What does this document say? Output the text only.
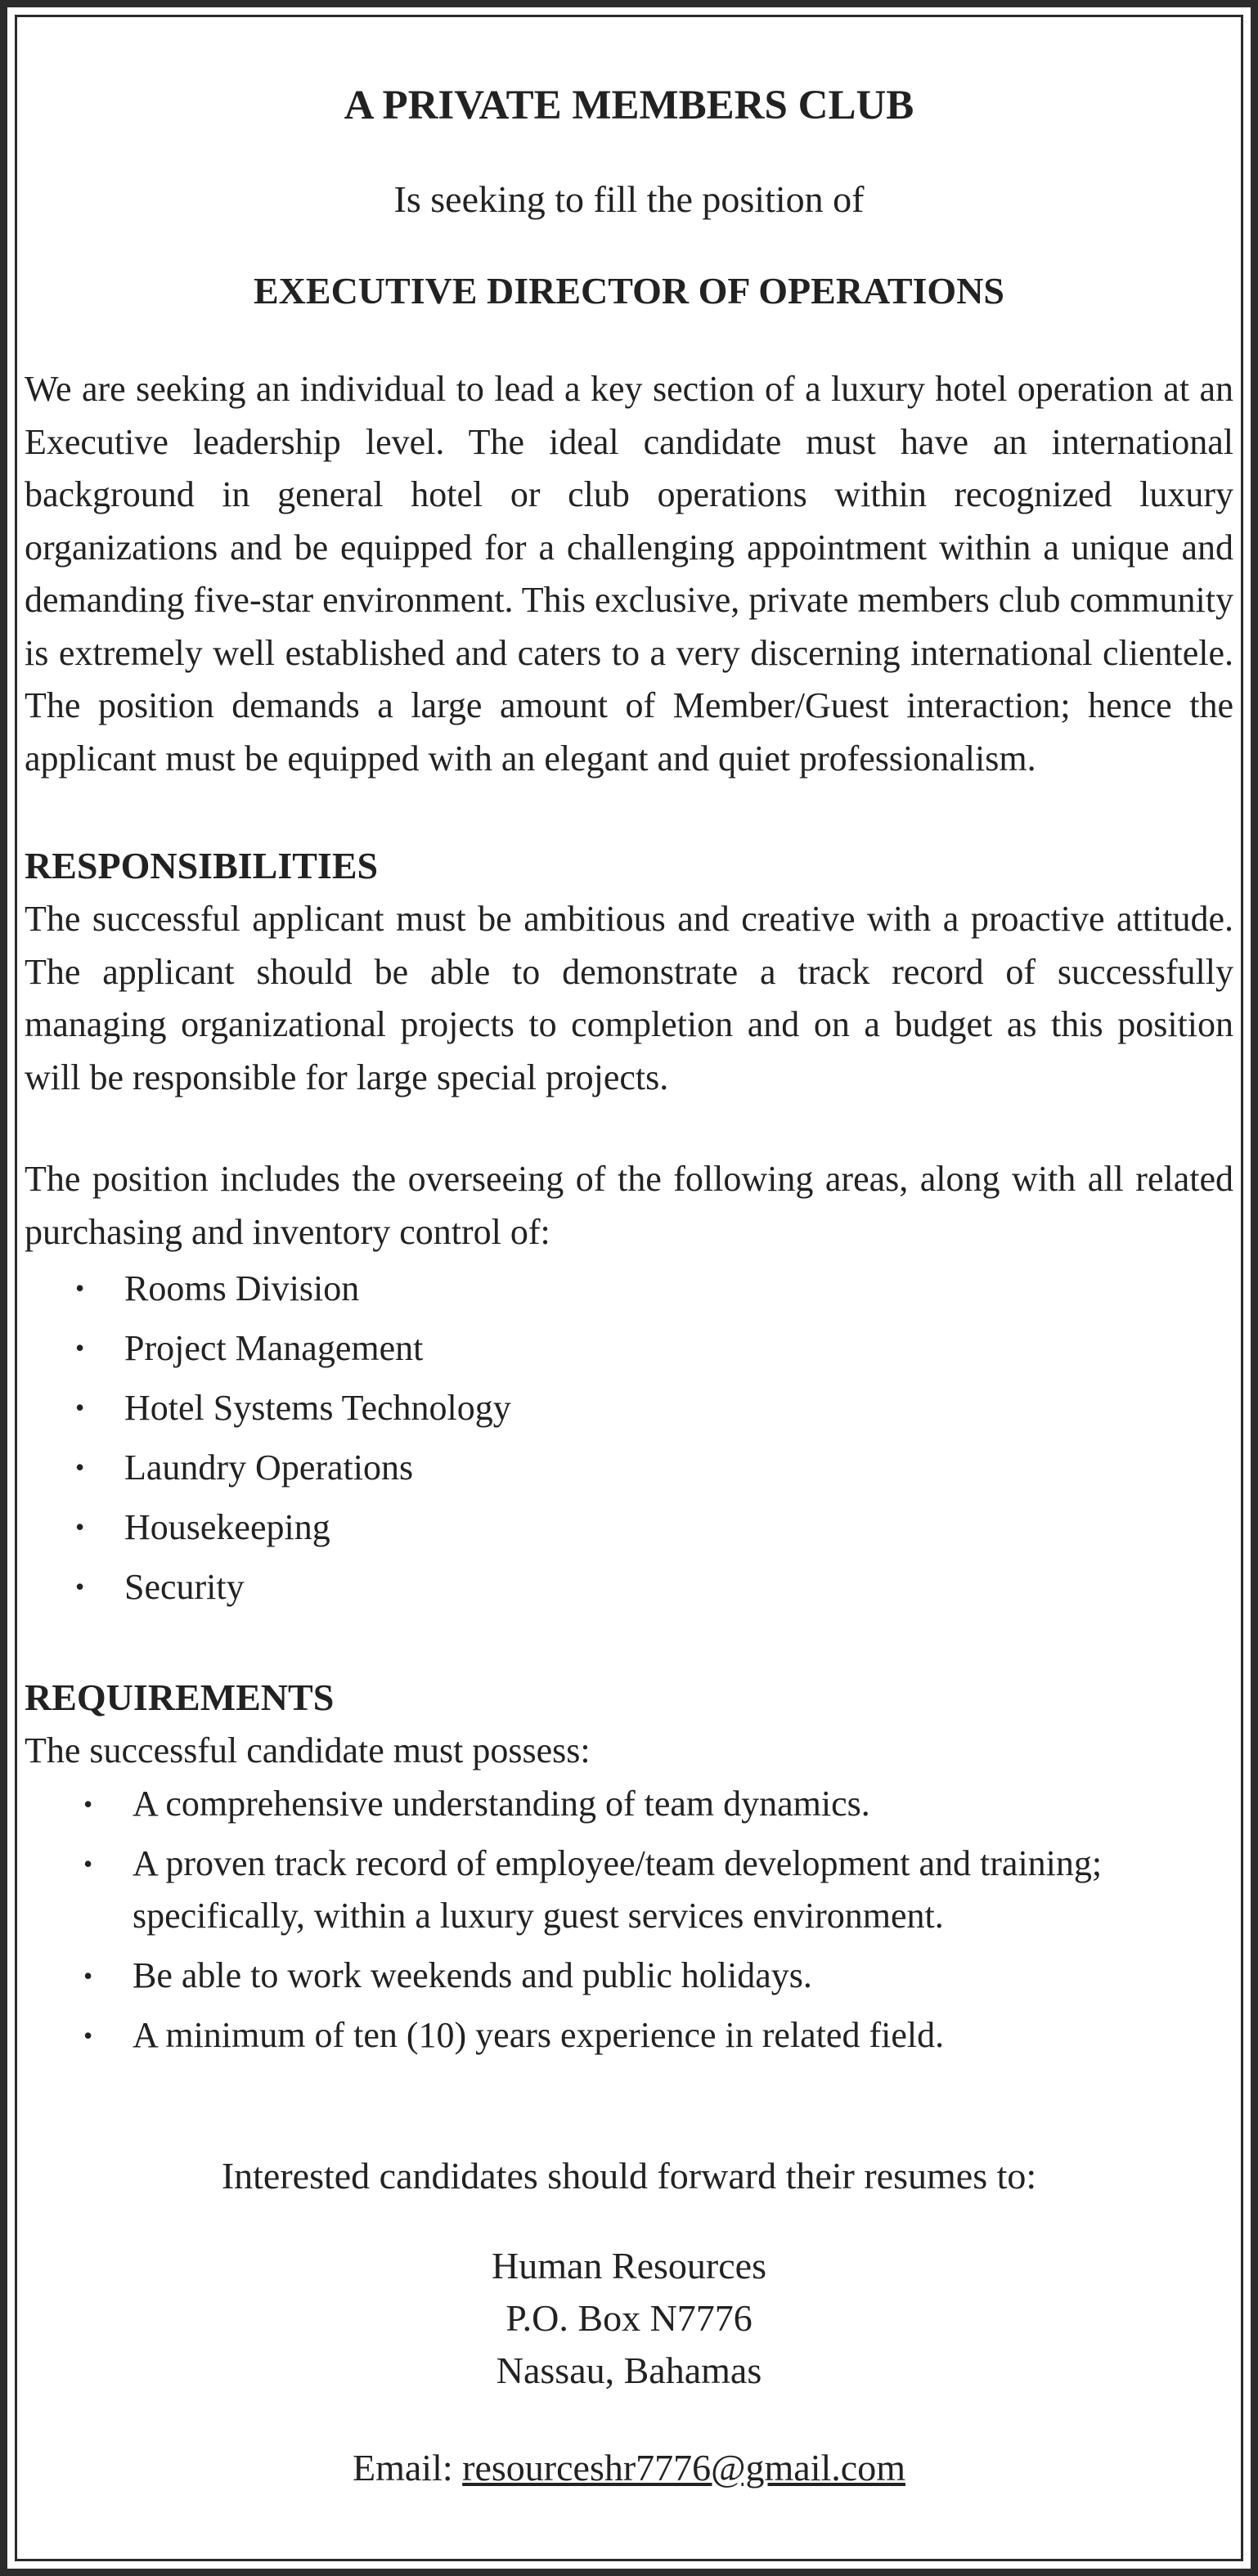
A PRIVATE MEMBERS CLUB

Is seeking to fill the position of

EXECUTIVE DIRECTOR OF OPERATIONS

We are seeking an individual to lead a key section of a luxury hotel operation at an Executive leadership level. The ideal candidate must have an international background in general hotel or club operations within recognized luxury organizations and be equipped for a challenging appointment within a unique and demanding five-star environment. This exclusive, private members club community is extremely well established and caters to a very discerning international clientele. The position demands a large amount of Member/Guest interaction; hence the applicant must be equipped with an elegant and quiet professionalism.

RESPONSIBILITIES

The successful applicant must be ambitious and creative with a proactive attitude. The applicant should be able to demonstrate a track record of successfully managing organizational projects to completion and on a budget as this position will be responsible for large special projects.

The position includes the overseeing of the following areas, along with all related purchasing and inventory control of:

• Rooms Division
• Project Management
• Hotel Systems Technology
• Laundry Operations
• Housekeeping
• Security
REQUIREMENTS

The successful candidate must possess:

• A comprehensive understanding of team dynamics.
• A proven track record of employee/team development and training; specifically, within a luxury guest services environment.
• Be able to work weekends and public holidays.
• A minimum of ten (10) years experience in related field.

Interested candidates should forward their resumes to:

Human Resources

P.O. Box N7776

Nassau, Bahamas

Email: resourceshr7776@gmail.com
